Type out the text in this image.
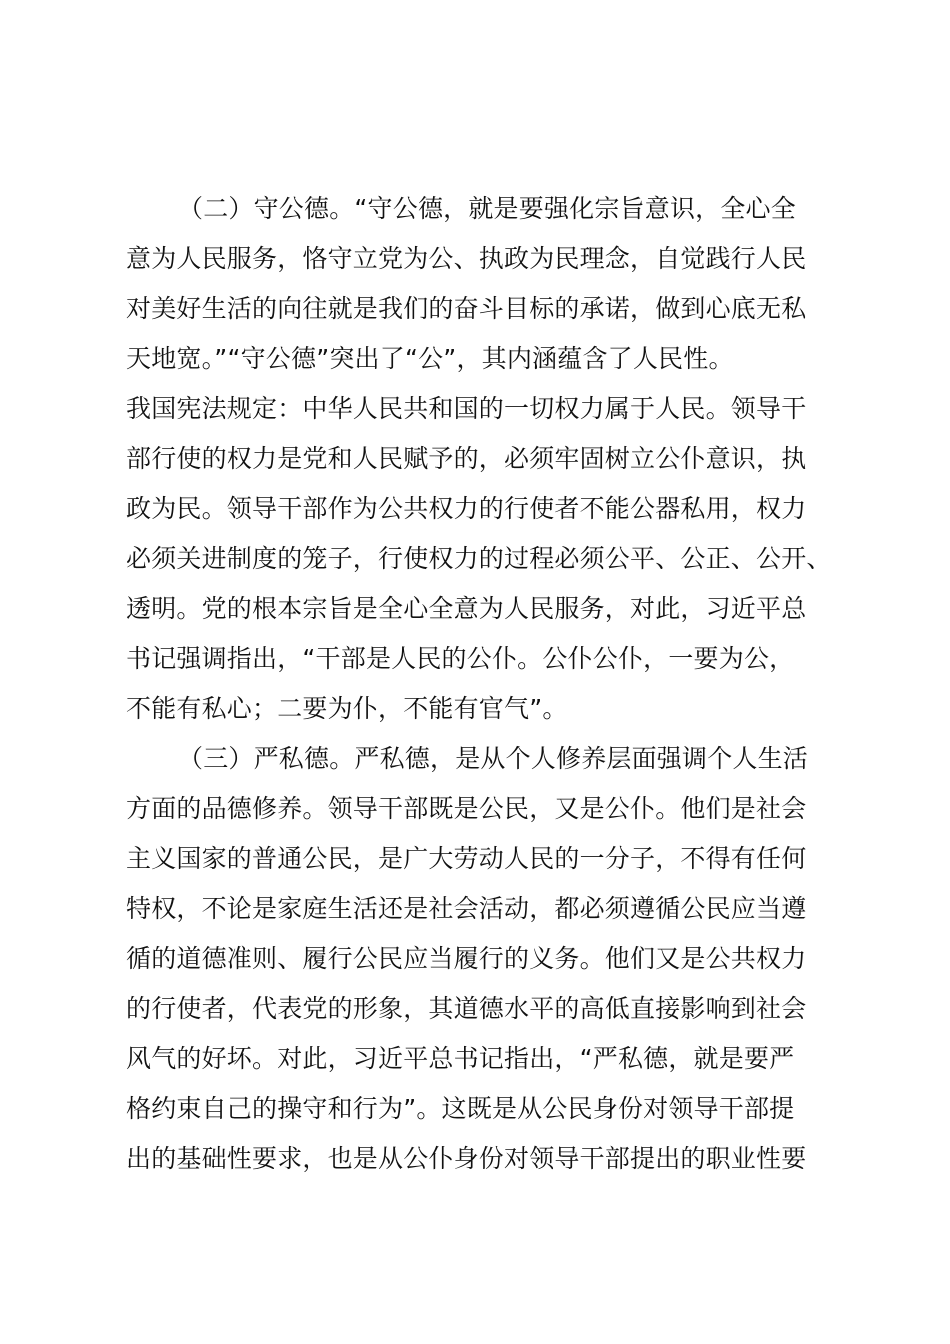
（二）守公德。“守公德，就是要强化宗旨意识，全心全
意为人民服务，恪守立党为公、执政为民理念，自觉践行人民
对美好生活的向往就是我们的奋斗目标的承诺，做到心底无私
天地宽。”“守公德”突出了“公”，其内涵蕴含了人民性。
我国宪法规定：中华人民共和国的一切权力属于人民。领导干
部行使的权力是党和人民赋予的，必须牢固树立公仆意识，执
政为民。领导干部作为公共权力的行使者不能公器私用，权力
必须关进制度的笼子，行使权力的过程必须公平、公正、公开、
透明。党的根本宗旨是全心全意为人民服务，对此，习近平总
书记强调指出，“干部是人民的公仆。公仆公仆，一要为公，
不能有私心；二要为仆，不能有官气”。
（三）严私德。严私德，是从个人修养层面强调个人生活
方面的品德修养。领导干部既是公民，又是公仆。他们是社会
主义国家的普通公民，是广大劳动人民的一分子，不得有任何
特权，不论是家庭生活还是社会活动，都必须遵循公民应当遵
循的道德准则、履行公民应当履行的义务。他们又是公共权力
的行使者，代表党的形象，其道德水平的高低直接影响到社会
风气的好坏。对此，习近平总书记指出，“严私德，就是要严
格约束自己的操守和行为”。这既是从公民身份对领导干部提
出的基础性要求，也是从公仆身份对领导干部提出的职业性要
